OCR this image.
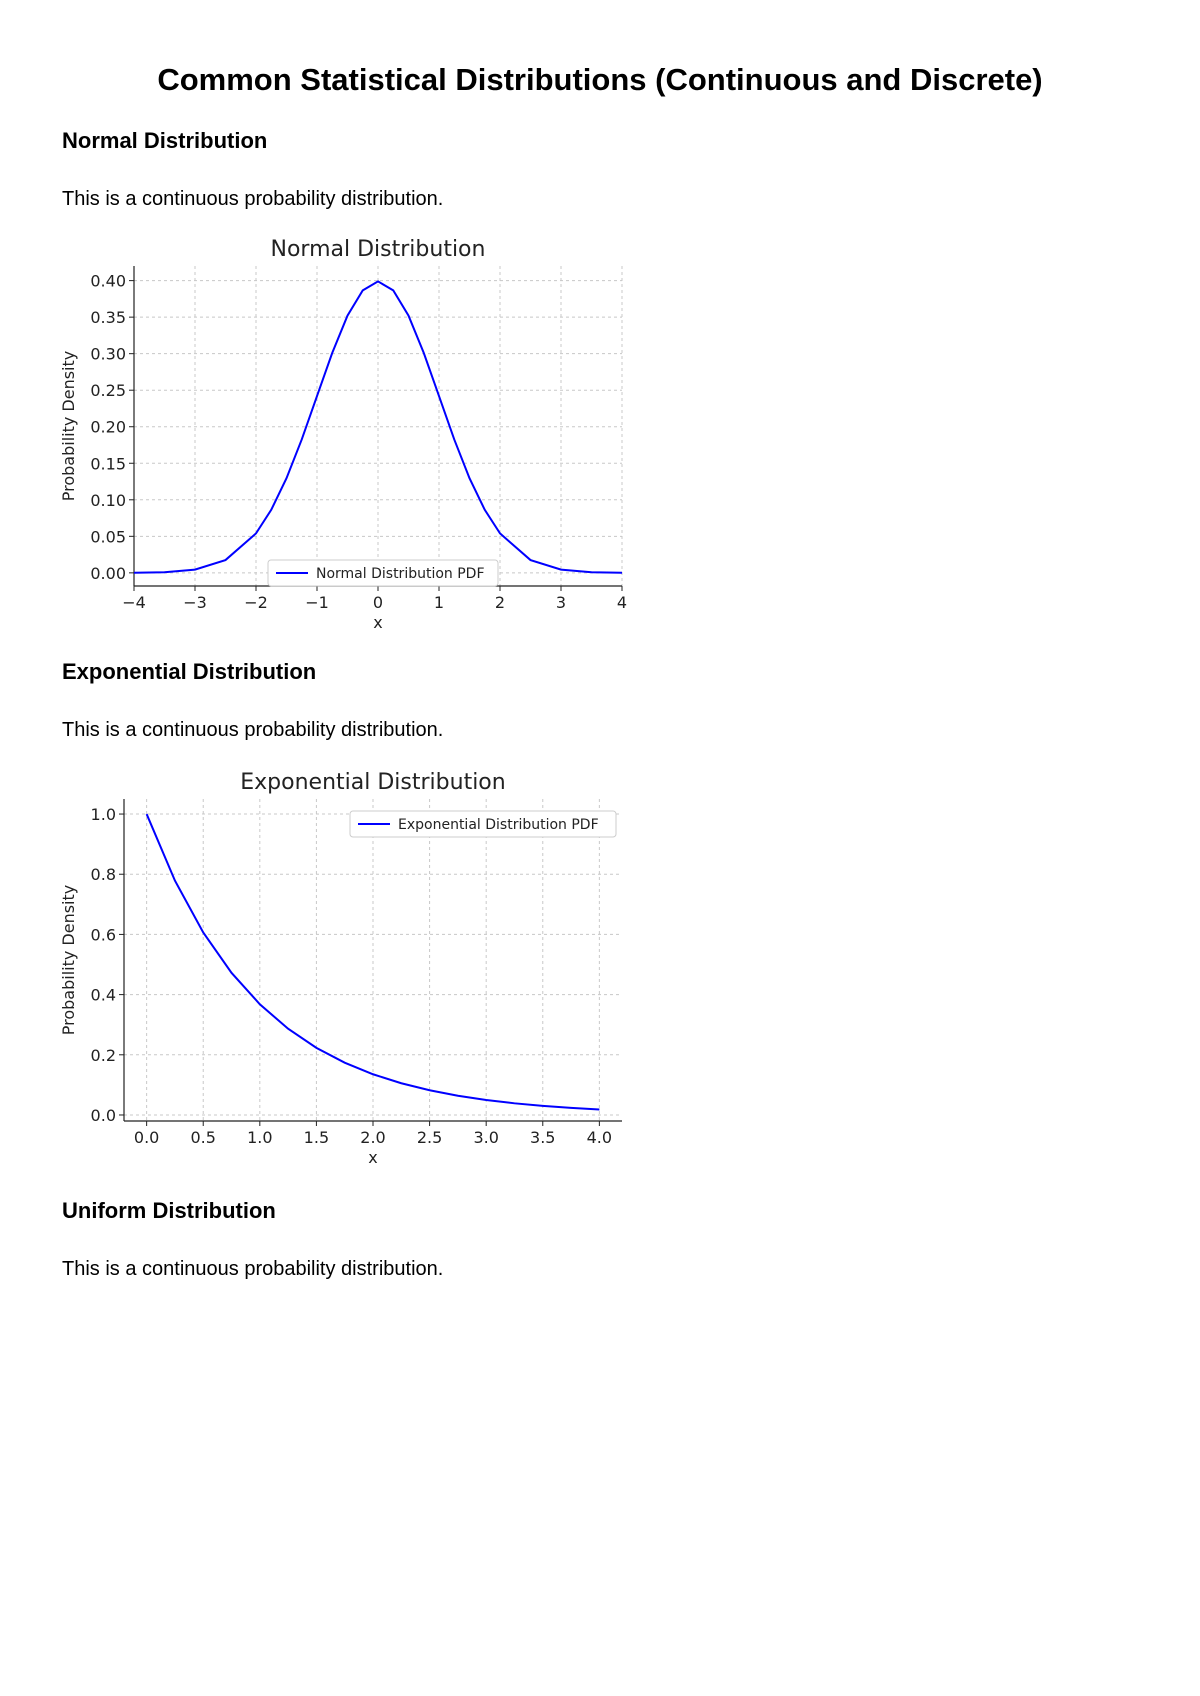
Common Statistical Distributions (Continuous and Discrete)
Normal Distribution

This is a continuous probability distribution.

−4 −3 −2 −1	0	1	2	3	4
0.00
0.05
0.10
0.15
0.20
0.25
0.30
0.35
0.40
Normal Distribution
x
Probability Density
Normal Distribution PDF
Exponential Distribution

This is a continuous probability distribution.

0.0 0.5 1.0 1.5 2.0 2.5 3.0 3.5 4.0
0.0
0.2
0.4
0.6
0.8
1.0
Exponential Distribution
x
Probability Density
Exponential Distribution PDF
Uniform Distribution

This is a continuous probability distribution.
